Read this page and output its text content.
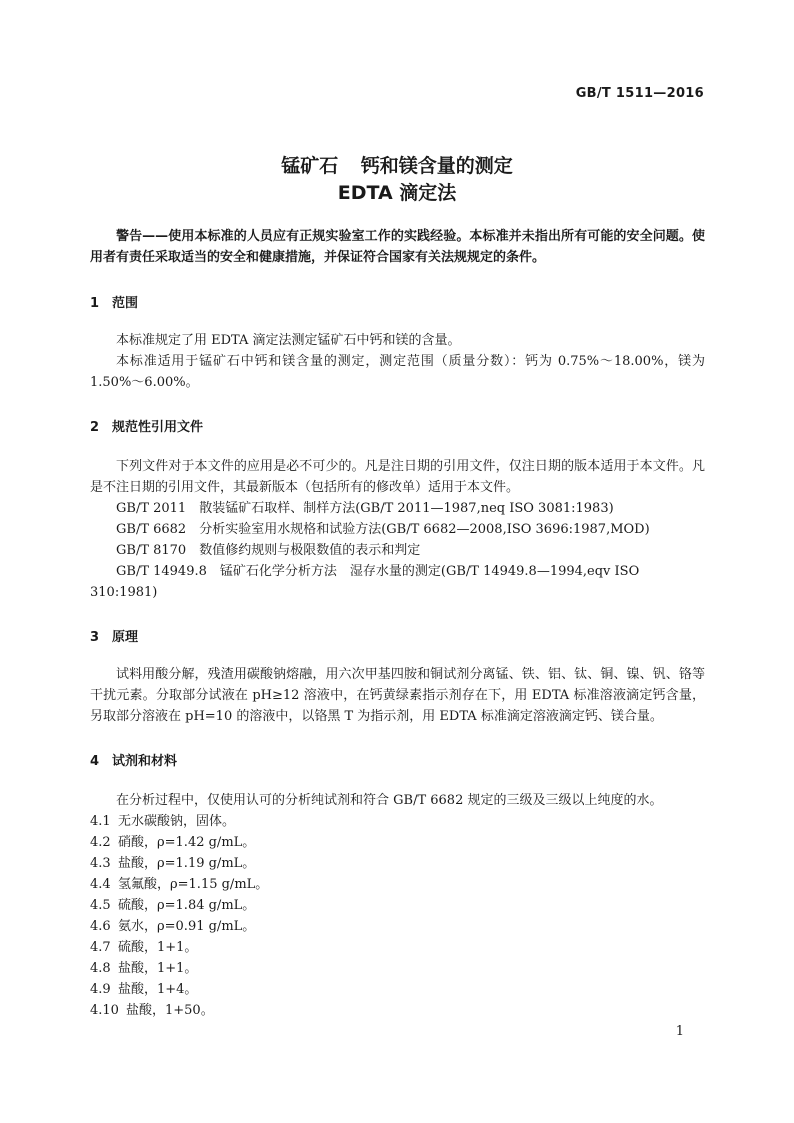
GB/T 1511—2016
锰矿石 钙和镁含量的测定
EDTA 滴定法
警告——使用本标准的人员应有正规实验室工作的实践经验。本标准并未指出所有可能的安全问题。使用者有责任采取适当的安全和健康措施，并保证符合国家有关法规规定的条件。
1 范围

本标准规定了用 EDTA 滴定法测定锰矿石中钙和镁的含量。

本标准适用于锰矿石中钙和镁含量的测定，测定范围（质量分数）：钙为 0.75%～18.00%，镁为 1.50%～6.00%。

2 规范性引用文件

下列文件对于本文件的应用是必不可少的。凡是注日期的引用文件，仅注日期的版本适用于本文件。凡是不注日期的引用文件，其最新版本（包括所有的修改单）适用于本文件。

GB/T 2011　散装锰矿石取样、制样方法(GB/T 2011—1987,neq ISO 3081:1983)

GB/T 6682　分析实验室用水规格和试验方法(GB/T 6682—2008,ISO 3696:1987,MOD)

GB/T 8170　数值修约规则与极限数值的表示和判定

GB/T 14949.8　锰矿石化学分析方法　湿存水量的测定(GB/T 14949.8—1994,eqv ISO 310:1981)

3 原理

试料用酸分解，残渣用碳酸钠熔融，用六次甲基四胺和铜试剂分离锰、铁、铝、钛、铜、镍、钒、铬等干扰元素。分取部分试液在 pH≥12 溶液中，在钙黄绿素指示剂存在下，用 EDTA 标准溶液滴定钙含量，另取部分溶液在 pH=10 的溶液中，以铬黑 T 为指示剂，用 EDTA 标准滴定溶液滴定钙、镁合量。

4 试剂和材料

在分析过程中，仅使用认可的分析纯试剂和符合 GB/T 6682 规定的三级及三级以上纯度的水。

4.1 无水碳酸钠，固体。

4.2 硝酸，ρ=1.42 g/mL。

4.3 盐酸，ρ=1.19 g/mL。

4.4 氢氟酸，ρ=1.15 g/mL。

4.5 硫酸，ρ=1.84 g/mL。

4.6 氨水，ρ=0.91 g/mL。

4.7 硫酸，1+1。

4.8 盐酸，1+1。

4.9 盐酸，1+4。

4.10 盐酸，1+50。

1
